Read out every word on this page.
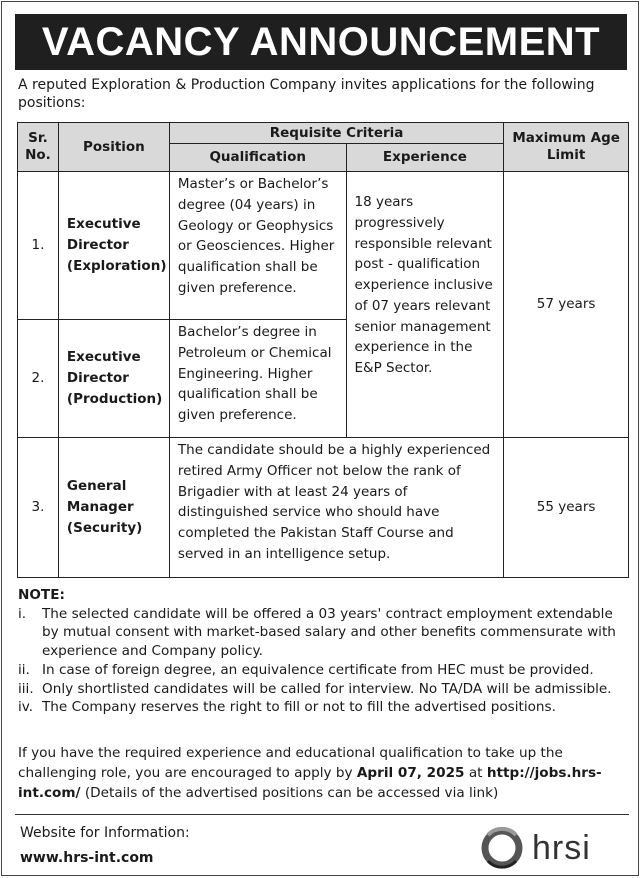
VACANCY ANNOUNCEMENT
A reputed Exploration & Production Company invites applications for the following positions:
Sr. No.	Position	Requisite Criteria		Maximum Age Limit
		Qualification	Experience	
1.	Executive Director (Exploration)	Master’s or Bachelor’s degree (04 years) in Geology or Geophysics or Geosciences. Higher qualification shall be given preference.	18 years progressively responsible relevant post - qualification experience inclusive of 07 years relevant senior management experience in the E&P Sector.	57 years
2.	Executive Director (Production)	Bachelor’s degree in Petroleum or Chemical Engineering. Higher qualification shall be given preference.		
3.	General Manager (Security)	The candidate should be a highly experienced retired Army Officer not below the rank of Brigadier with at least 24 years of distinguished service who should have completed the Pakistan Staff Course and served in an intelligence setup.		55 years
NOTE:
i.	The selected candidate will be offered a 03 years' contract employment extendable by mutual consent with market-based salary and other benefits commensurate with experience and Company policy.
ii. In case of foreign degree, an equivalence certificate from HEC must be provided.
iii. Only shortlisted candidates will be called for interview. No TA/DA will be admissible.
iv. The Company reserves the right to fill or not to fill the advertised positions.
If you have the required experience and educational qualification to take up the challenging role, you are encouraged to apply by April 07, 2025 at http://jobs.hrs-int.com/ (Details of the advertised positions can be accessed via link)
Website for Information:
www.hrs-int.com	hrsi
